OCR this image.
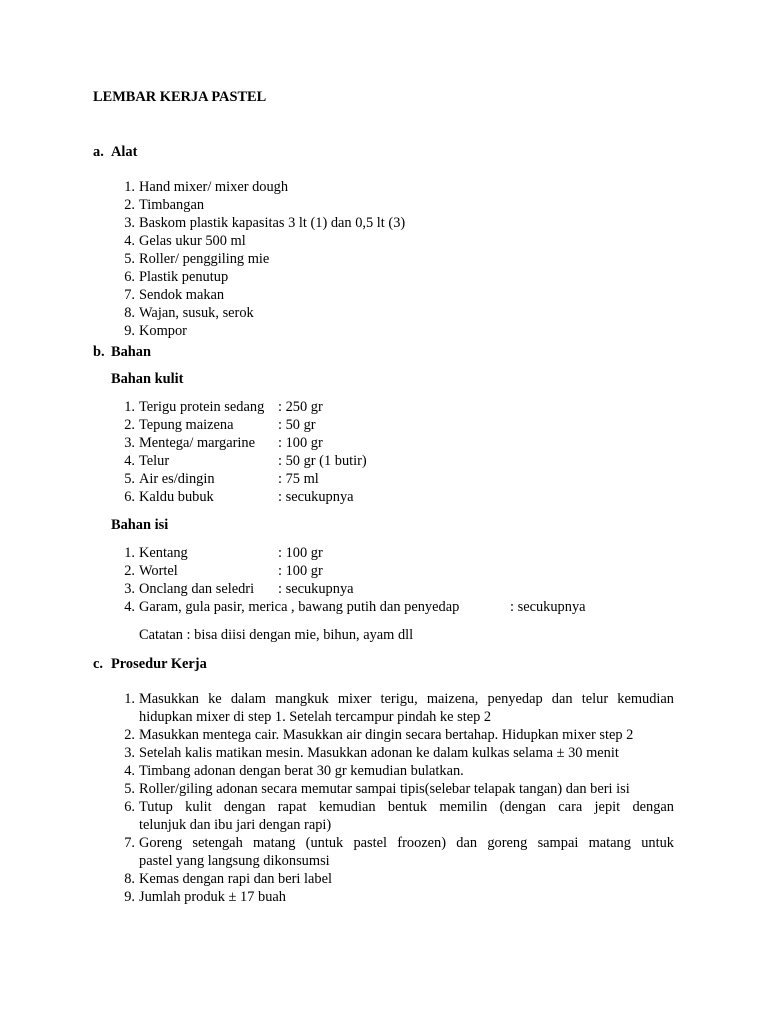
LEMBAR KERJA PASTEL
a. Alat
1. Hand mixer/ mixer dough
2. Timbangan
3. Baskom plastik kapasitas 3 lt (1) dan 0,5 lt (3)
4. Gelas ukur 500 ml
5. Roller/ penggiling mie
6. Plastik penutup
7. Sendok makan
8. Wajan, susuk, serok
9. Kompor
b. Bahan
Bahan kulit
1. Terigu protein sedang : 250 gr
2. Tepung maizena	: 50 gr
3. Mentega/ margarine : 100 gr
4. Telur	: 50 gr (1 butir)
5. Air es/dingin	: 75 ml
6. Kaldu bubuk	: secukupnya
Bahan isi
1. Kentang	: 100 gr
2. Wortel	: 100 gr
3. Onclang dan seledri : secukupnya
4. Garam, gula pasir, merica , bawang putih dan penyedap	: secukupnya
Catatan : bisa diisi dengan mie, bihun, ayam dll
c. Prosedur Kerja
1. Masukkan ke dalam mangkuk mixer terigu, maizena, penyedap dan telur kemudian
hidupkan mixer di step 1. Setelah tercampur pindah ke step 2
2. Masukkan mentega cair. Masukkan air dingin secara bertahap. Hidupkan mixer step 2
3. Setelah kalis matikan mesin. Masukkan adonan ke dalam kulkas selama ± 30 menit
4. Timbang adonan dengan berat 30 gr kemudian bulatkan.
5. Roller/giling adonan secara memutar sampai tipis(selebar telapak tangan) dan beri isi
6. Tutup kulit dengan rapat kemudian bentuk memilin (dengan cara jepit dengan
telunjuk dan ibu jari dengan rapi)
7. Goreng setengah matang (untuk pastel froozen) dan goreng sampai matang untuk
pastel yang langsung dikonsumsi
8. Kemas dengan rapi dan beri label
9. Jumlah produk ± 17 buah
